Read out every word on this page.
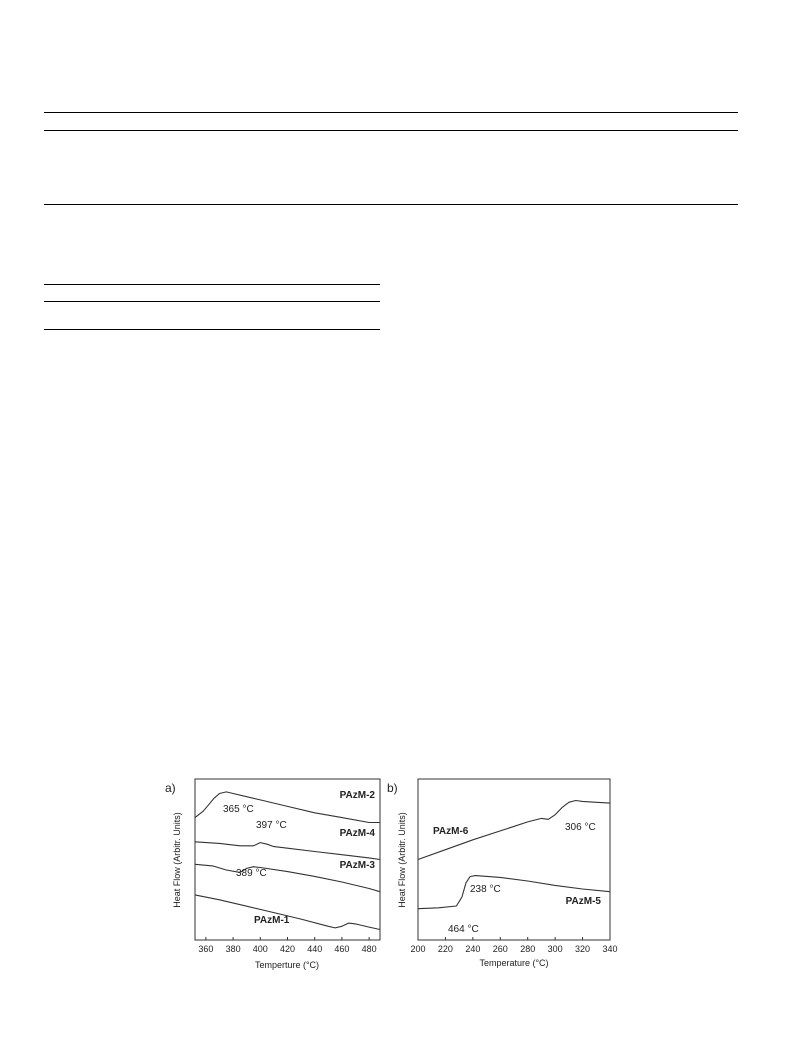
a)
360 380 400 420 440 460 480
PAzM-2
365 °C
PAzM-4
397 °C
PAzM-3
389 °C
PAzM-1
464 °C
Temperture (°C)
Heat Flow (Arbitr. Units)
b)
200 220 240 260 280 300 320 340
PAzM-6	306 °C
PAzM-5
238 °C
Temperature (°C)
Heat Flow (Arbitr. Units)
